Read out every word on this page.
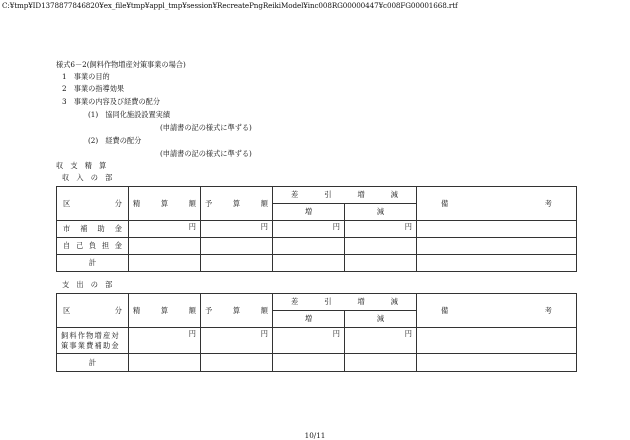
C:¥tmp¥ID1378877846820¥ex_file¥tmp¥appl_tmp¥session¥RecreatePngReikiModel¥inc008RG00000447¥c008FG00001668.rtf
様式6－2(飼料作物増産対策事業の場合)
1　事業の目的
2　事業の指導効果
3　事業の内容及び経費の配分
(1)　協同化施設設置実績
(申請書の記の様式に準ずる)
(2)　経費の配分
(申請書の記の様式に準ずる)
収　支　精　算
収　入　の　部
区 分	精 算 額	予 算 額	差 引 増 減		備 考

			増	減	

市 補 助 金	円	円	円	円	

自 己 負 担 金					

計					
支　出　の　部
区 分	精 算 額	予 算 額	差 引 増 減		備 考

			増	減	
飼料作物増産対策事業費補助金	円	円	円	円	
計					
10/11
